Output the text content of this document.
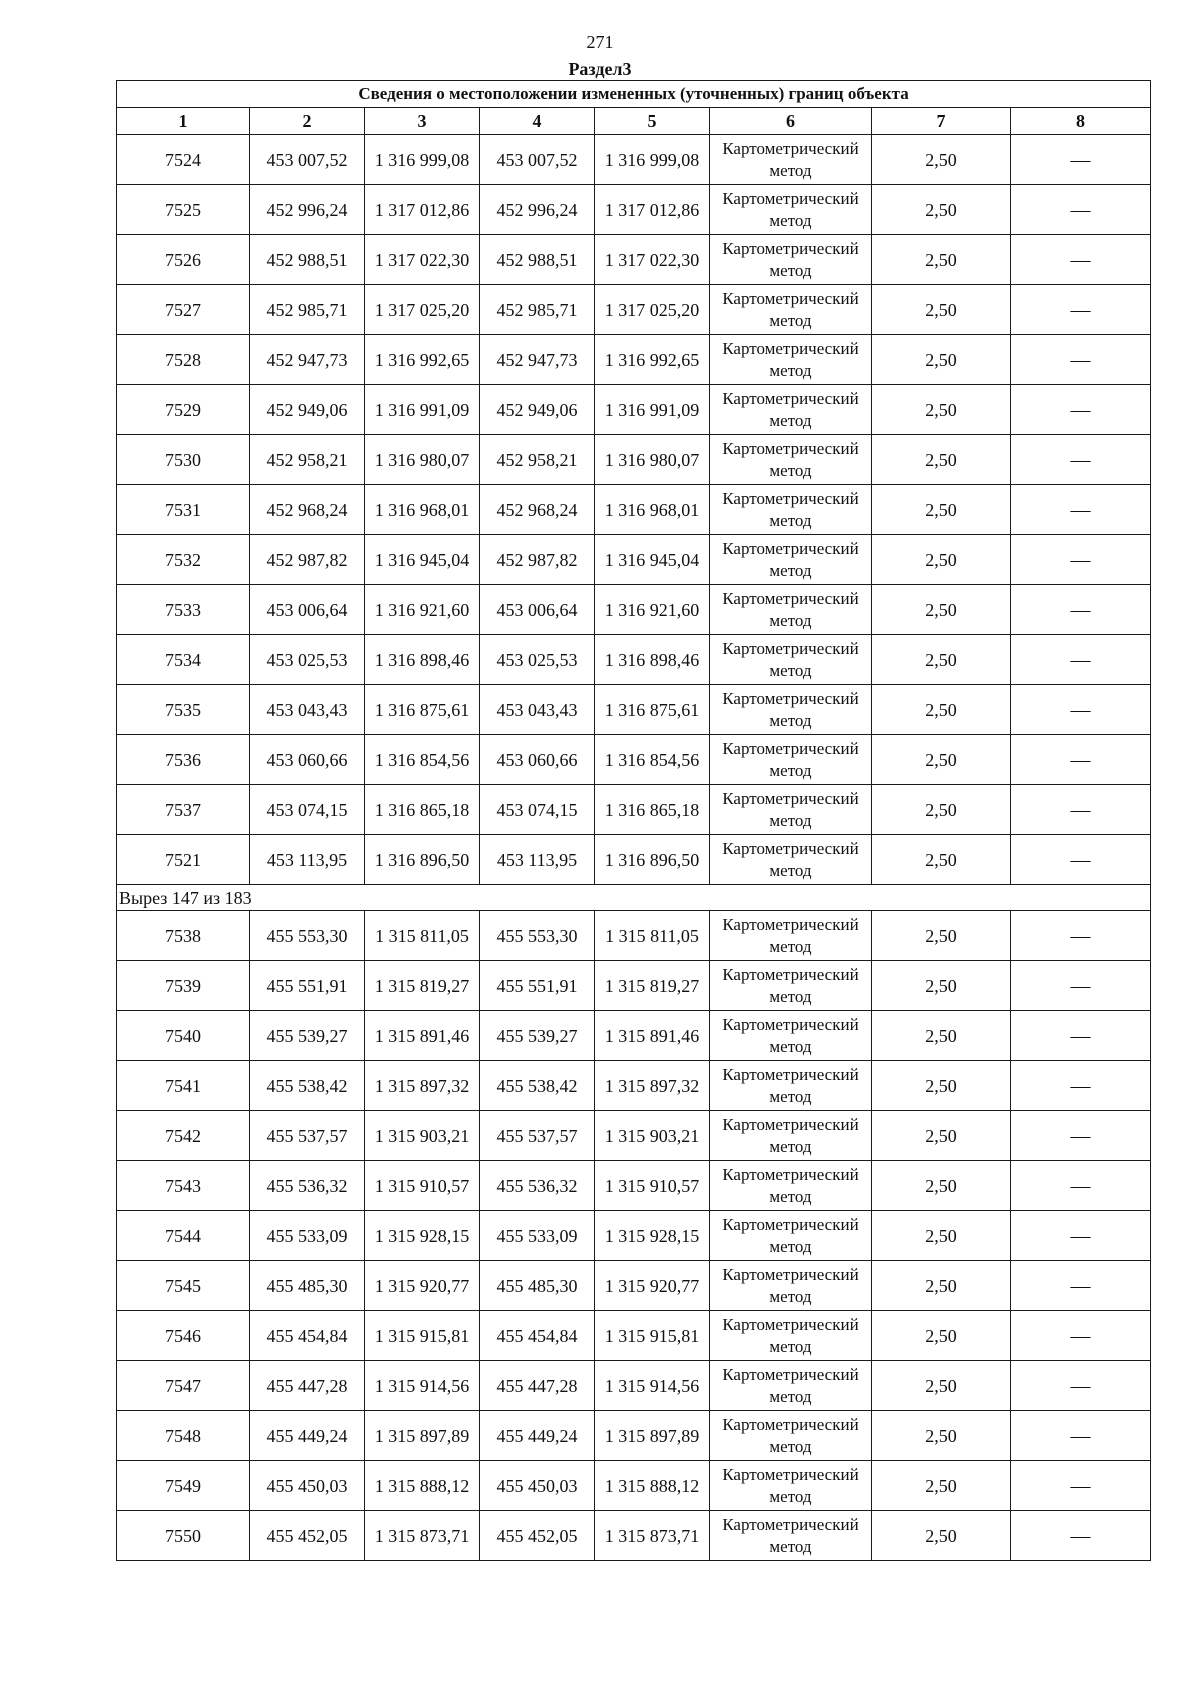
271
Раздел3
Сведения о местоположении измененных (уточненных) границ объекта							
1	2	3	4	5	6	7	8
7524	453 007,52	1 316 999,08	453 007,52	1 316 999,08	Картометрический метод	2,50	—
7525	452 996,24	1 317 012,86	452 996,24	1 317 012,86	Картометрический метод	2,50	—
7526	452 988,51	1 317 022,30	452 988,51	1 317 022,30	Картометрический метод	2,50	—
7527	452 985,71	1 317 025,20	452 985,71	1 317 025,20	Картометрический метод	2,50	—
7528	452 947,73	1 316 992,65	452 947,73	1 316 992,65	Картометрический метод	2,50	—
7529	452 949,06	1 316 991,09	452 949,06	1 316 991,09	Картометрический метод	2,50	—
7530	452 958,21	1 316 980,07	452 958,21	1 316 980,07	Картометрический метод	2,50	—
7531	452 968,24	1 316 968,01	452 968,24	1 316 968,01	Картометрический метод	2,50	—
7532	452 987,82	1 316 945,04	452 987,82	1 316 945,04	Картометрический метод	2,50	—
7533	453 006,64	1 316 921,60	453 006,64	1 316 921,60	Картометрический метод	2,50	—
7534	453 025,53	1 316 898,46	453 025,53	1 316 898,46	Картометрический метод	2,50	—
7535	453 043,43	1 316 875,61	453 043,43	1 316 875,61	Картометрический метод	2,50	—
7536	453 060,66	1 316 854,56	453 060,66	1 316 854,56	Картометрический метод	2,50	—
7537	453 074,15	1 316 865,18	453 074,15	1 316 865,18	Картометрический метод	2,50	—
7521	453 113,95	1 316 896,50	453 113,95	1 316 896,50	Картометрический метод	2,50	—
Вырез 147 из 183							
7538	455 553,30	1 315 811,05	455 553,30	1 315 811,05	Картометрический метод	2,50	—
7539	455 551,91	1 315 819,27	455 551,91	1 315 819,27	Картометрический метод	2,50	—
7540	455 539,27	1 315 891,46	455 539,27	1 315 891,46	Картометрический метод	2,50	—
7541	455 538,42	1 315 897,32	455 538,42	1 315 897,32	Картометрический метод	2,50	—
7542	455 537,57	1 315 903,21	455 537,57	1 315 903,21	Картометрический метод	2,50	—
7543	455 536,32	1 315 910,57	455 536,32	1 315 910,57	Картометрический метод	2,50	—
7544	455 533,09	1 315 928,15	455 533,09	1 315 928,15	Картометрический метод	2,50	—
7545	455 485,30	1 315 920,77	455 485,30	1 315 920,77	Картометрический метод	2,50	—
7546	455 454,84	1 315 915,81	455 454,84	1 315 915,81	Картометрический метод	2,50	—
7547	455 447,28	1 315 914,56	455 447,28	1 315 914,56	Картометрический метод	2,50	—
7548	455 449,24	1 315 897,89	455 449,24	1 315 897,89	Картометрический метод	2,50	—
7549	455 450,03	1 315 888,12	455 450,03	1 315 888,12	Картометрический метод	2,50	—
7550	455 452,05	1 315 873,71	455 452,05	1 315 873,71	Картометрический метод	2,50	—
